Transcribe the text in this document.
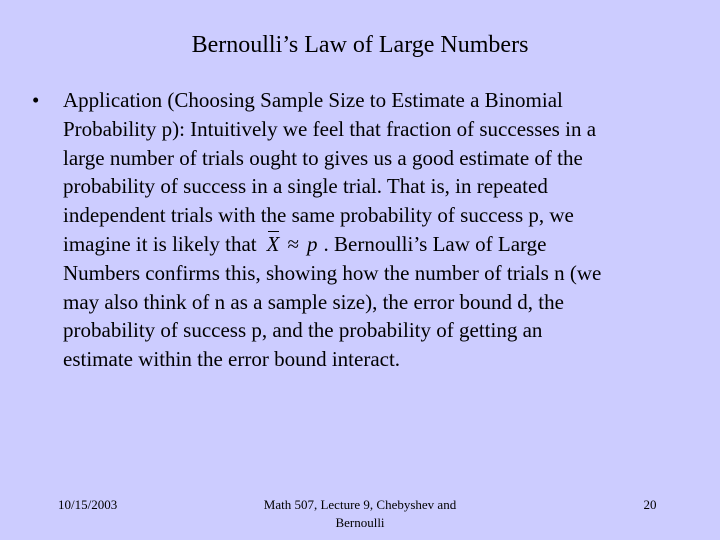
Bernoulli’s Law of Large Numbers
• Application (Choosing Sample Size to Estimate a Binomial
Probability p): Intuitively we feel that fraction of successes in a
large number of trials ought to gives us a good estimate of the
probability of success in a single trial. That is, in repeated
independent trials with the same probability of success p, we
imagine it is likely that X ≈ p . Bernoulli’s Law of Large
Numbers confirms this, showing how the number of trials n (we
may also think of n as a sample size), the error bound d, the
probability of success p, and the probability of getting an
estimate within the error bound interact.
10/15/2003	Math 507, Lecture 9, Chebyshev and Bernoulli
20
